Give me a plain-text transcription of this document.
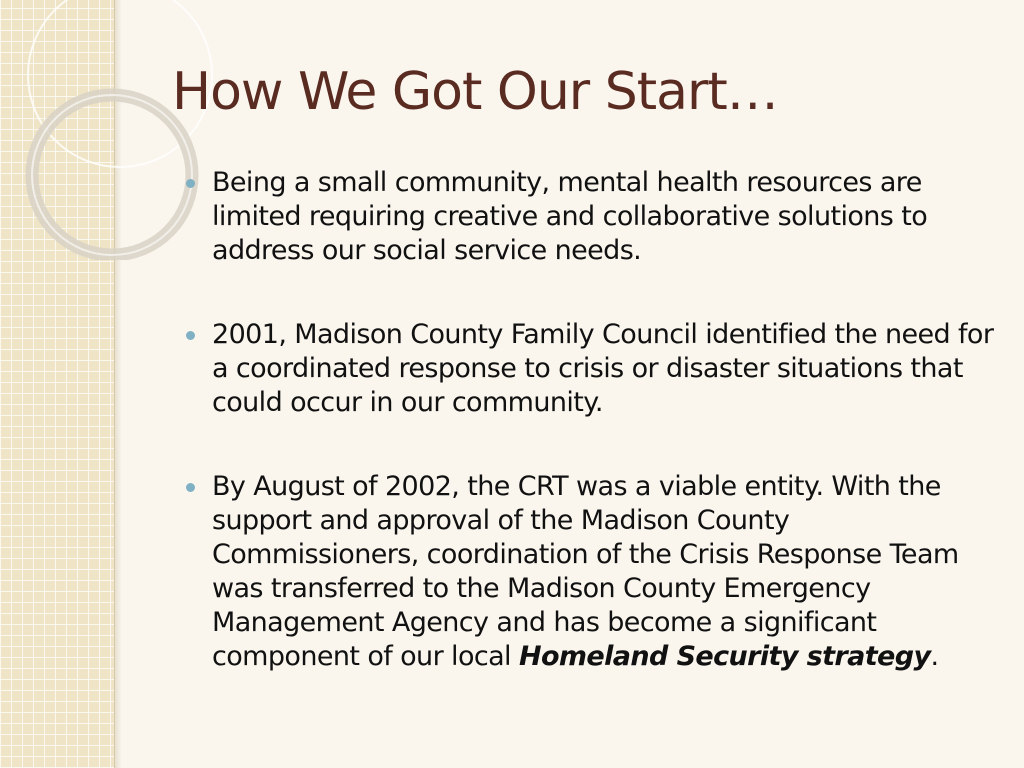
How We Got Our Start…
Being a small community, mental health resources are limited requiring creative and collaborative solutions to address our social service needs.
2001, Madison County Family Council identified the need for a coordinated response to crisis or disaster situations that could occur in our community.
By August of 2002, the CRT was a viable entity. With the support and approval of the Madison County Commissioners, coordination of the Crisis Response Team was transferred to the Madison County Emergency Management Agency and has become a significant component of our local Homeland Security strategy.
